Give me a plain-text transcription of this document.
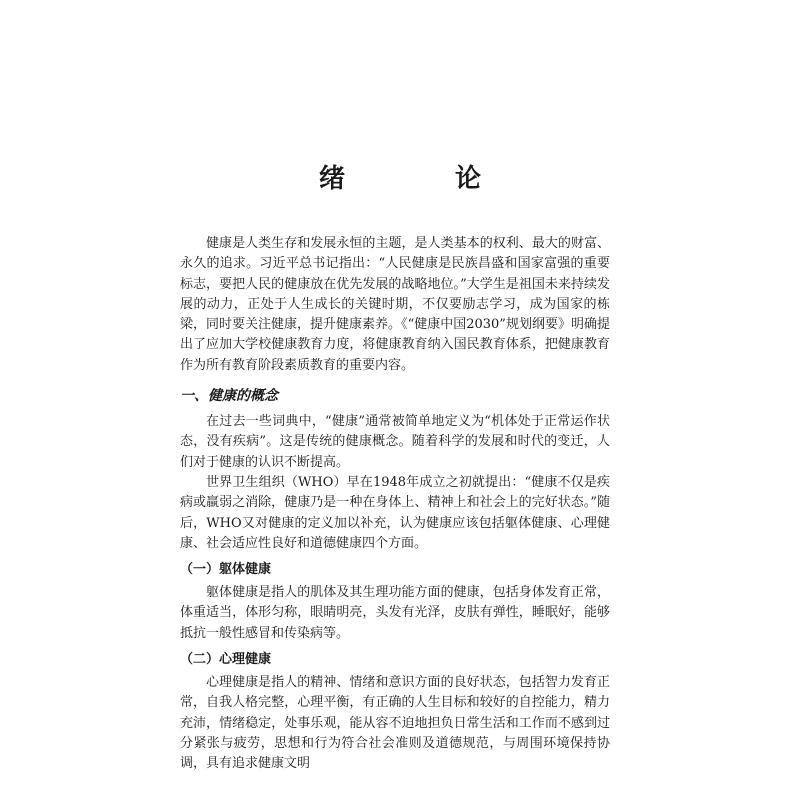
绪　论

健康是人类生存和发展永恒的主题，是人类基本的权利、最大的财富、永久的追求。习近平总书记指出：“人民健康是民族昌盛和国家富强的重要标志，要把人民的健康放在优先发展的战略地位。”大学生是祖国未来持续发展的动力，正处于人生成长的关键时期，不仅要励志学习，成为国家的栋梁，同时要关注健康，提升健康素养。《“健康中国2030”规划纲要》明确提出了应加大学校健康教育力度，将健康教育纳入国民教育体系，把健康教育作为所有教育阶段素质教育的重要内容。

一、健康的概念

在过去一些词典中，“健康”通常被简单地定义为“机体处于正常运作状态，没有疾病”。这是传统的健康概念。随着科学的发展和时代的变迁，人们对于健康的认识不断提高。

世界卫生组织（WHO）早在1948年成立之初就提出：“健康不仅是疾病或羸弱之消除，健康乃是一种在身体上、精神上和社会上的完好状态。”随后，WHO又对健康的定义加以补充，认为健康应该包括躯体健康、心理健康、社会适应性良好和道德健康四个方面。

（一）躯体健康

躯体健康是指人的肌体及其生理功能方面的健康，包括身体发育正常，体重适当，体形匀称，眼睛明亮，头发有光泽，皮肤有弹性，睡眠好，能够抵抗一般性感冒和传染病等。

（二）心理健康

心理健康是指人的精神、情绪和意识方面的良好状态，包括智力发育正常，自我人格完整，心理平衡，有正确的人生目标和较好的自控能力，精力充沛，情绪稳定，处事乐观，能从容不迫地担负日常生活和工作而不感到过分紧张与疲劳，思想和行为符合社会准则及道德规范，与周围环境保持协调，具有追求健康文明
